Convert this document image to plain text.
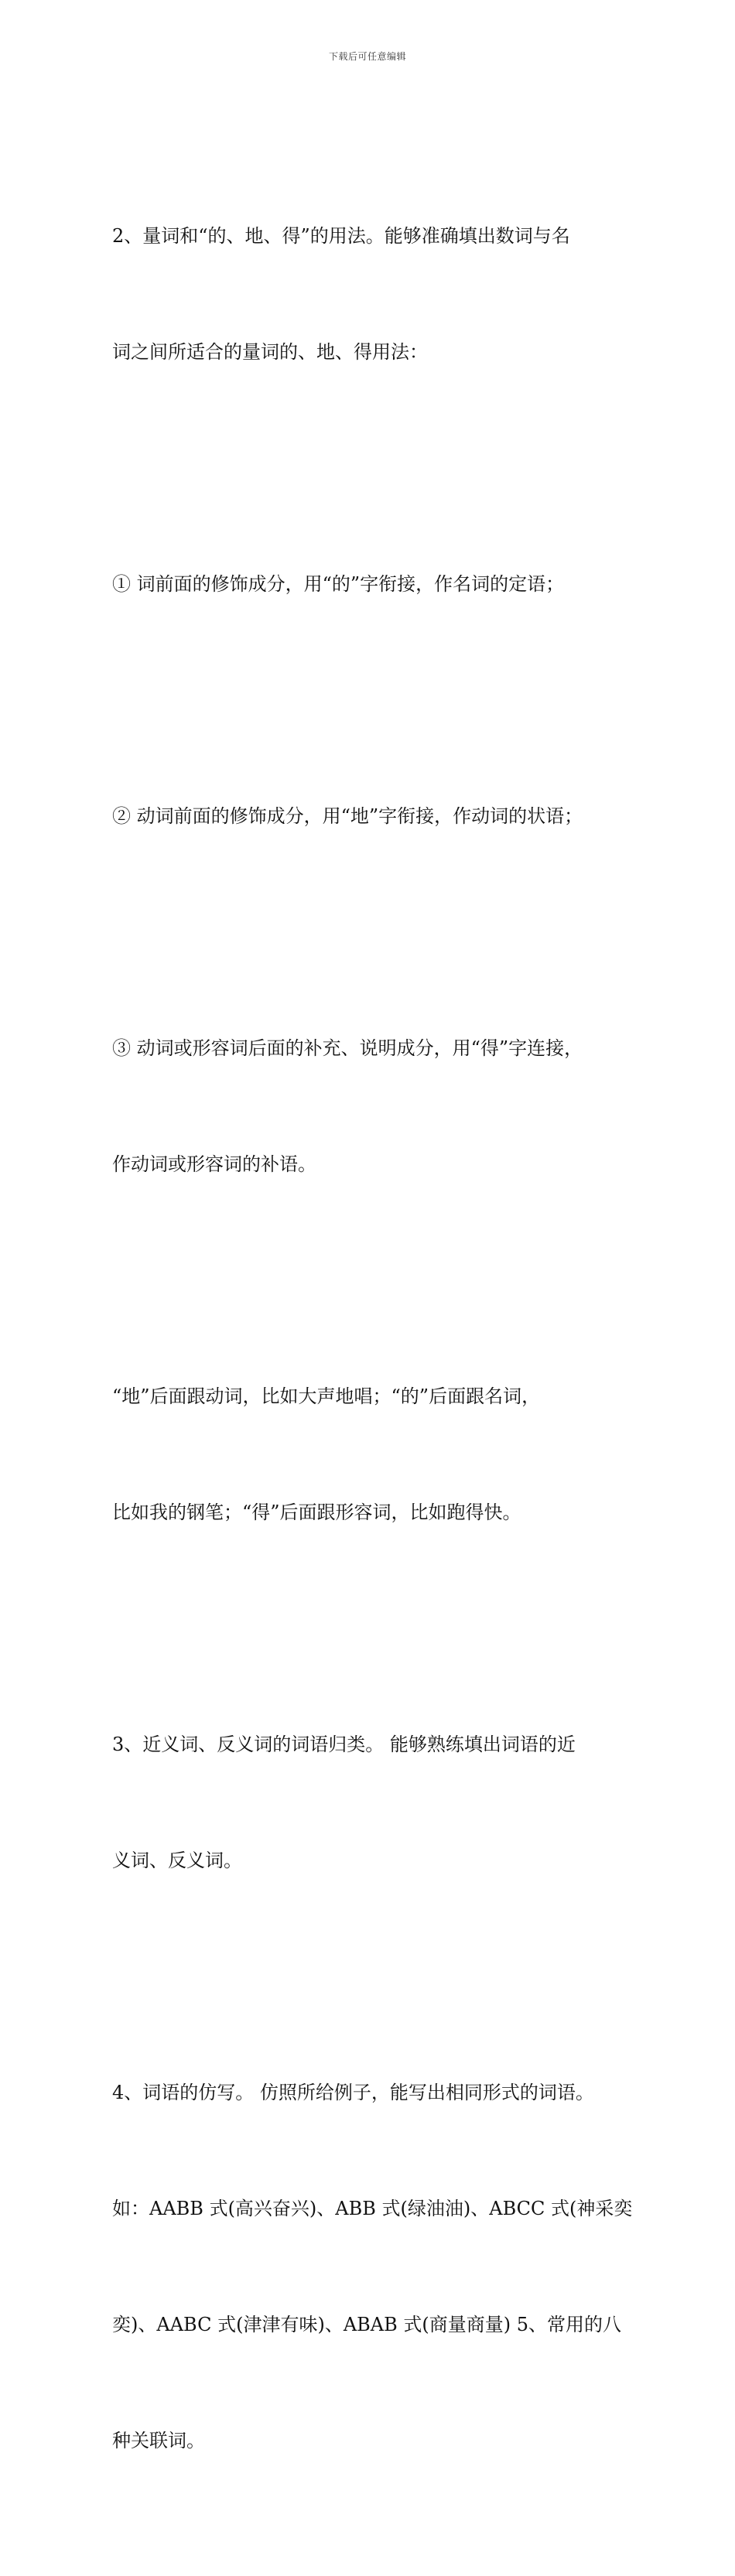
下载后可任意编辑

2、量词和“的、地、得”的用法。能够准确填出数词与名

词之间所适合的量词的、地、得用法：

① 词前面的修饰成分，用“的”字衔接，作名词的定语；

② 动词前面的修饰成分，用“地”字衔接，作动词的状语；

③ 动词或形容词后面的补充、说明成分，用“得”字连接，

作动词或形容词的补语。

“地”后面跟动词，比如大声地唱；“的”后面跟名词，

比如我的钢笔；“得”后面跟形容词，比如跑得快。

3、近义词、反义词的词语归类。 能够熟练填出词语的近

义词、反义词。

4、词语的仿写。 仿照所给例子，能写出相同形式的词语。

如：AABB 式(高兴奋兴)、ABB 式(绿油油)、ABCC 式(神采奕

奕)、AABC 式(津津有味)、ABAB 式(商量商量) 5、常用的八

种关联词。
